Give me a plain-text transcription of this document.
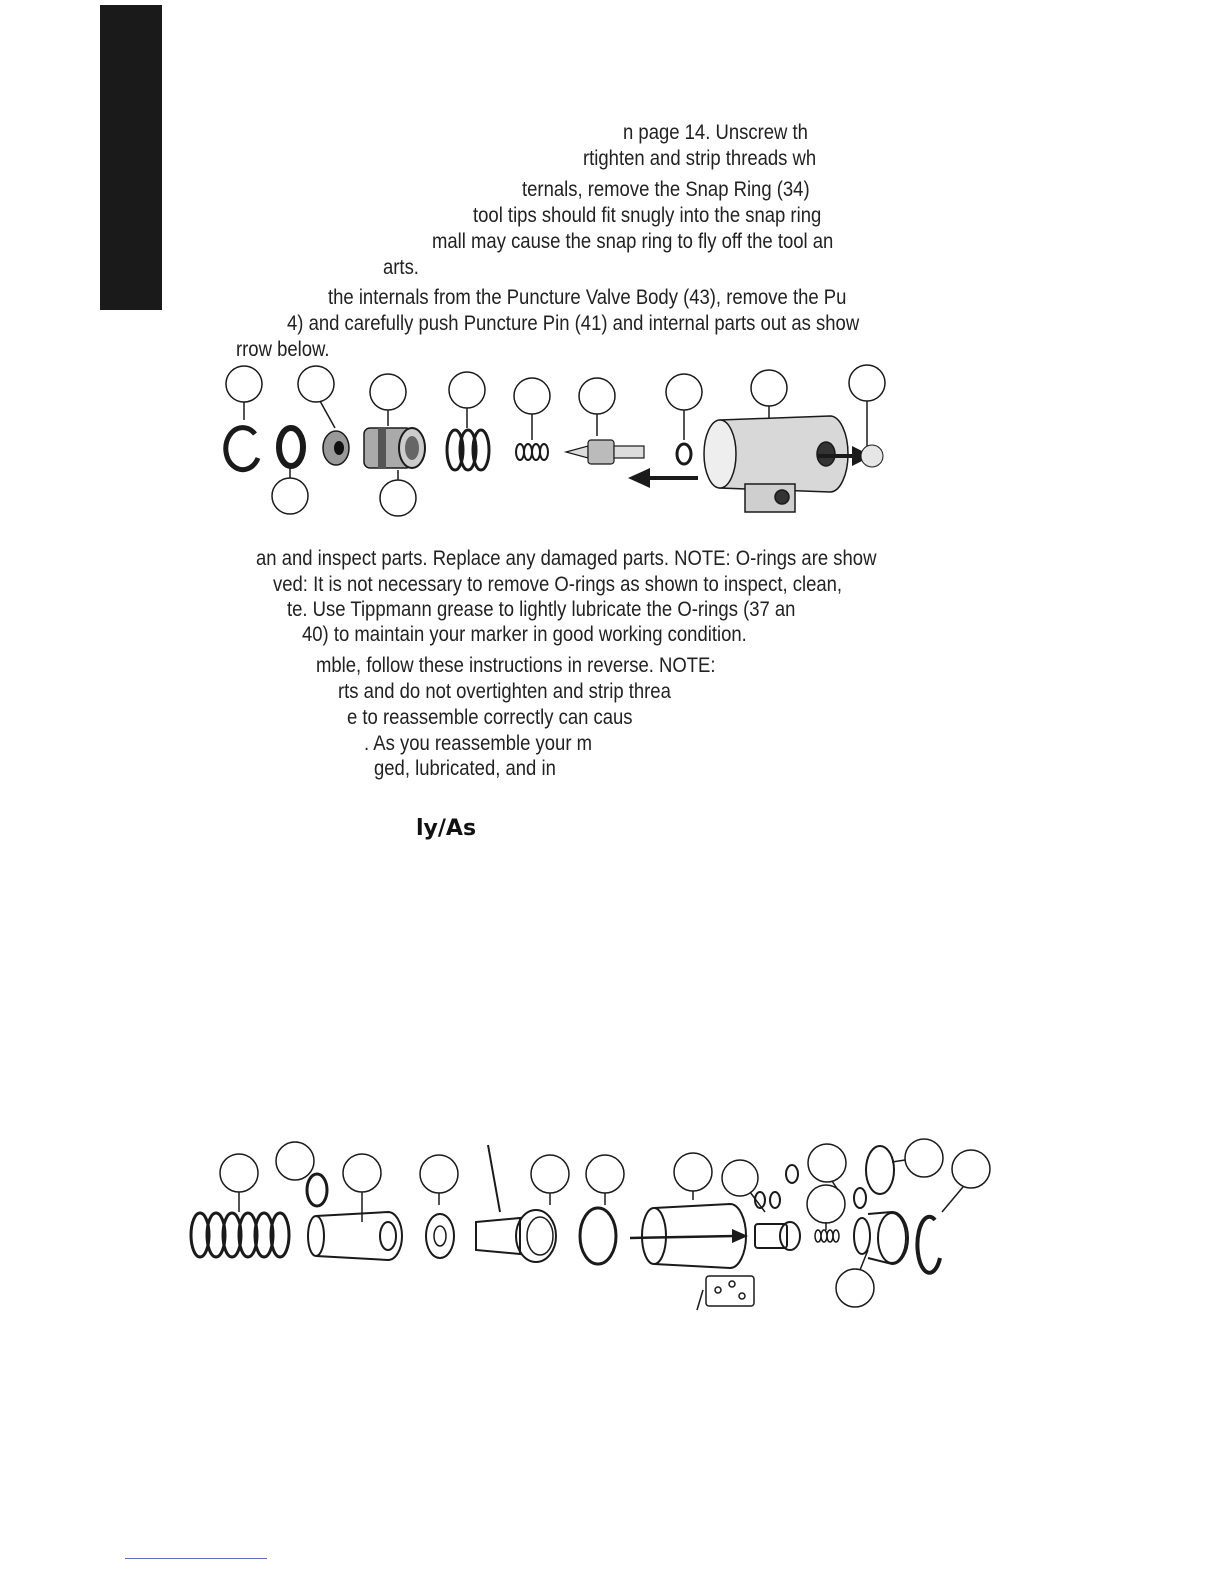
n page 14. Unscrew th
rtighten and strip threads wh
ternals, remove the Snap Ring (34)
tool tips should fit snugly into the snap ring
mall may cause the snap ring to fly off the tool an
arts.
the internals from the Puncture Valve Body (43), remove the Pu
4) and carefully push Puncture Pin (41) and internal parts out as show
rrow below.
an and inspect parts. Replace any damaged parts. NOTE: O-rings are show
ved: It is not necessary to remove O-rings as shown to inspect, clean,
te. Use Tippmann grease to lightly lubricate the O-rings (37 an
40) to maintain your marker in good working condition.
mble, follow these instructions in reverse. NOTE:
rts and do not overtighten and strip threa
e to reassemble correctly can caus
. As you reassemble your m
ged, lubricated, and in
ly/As
